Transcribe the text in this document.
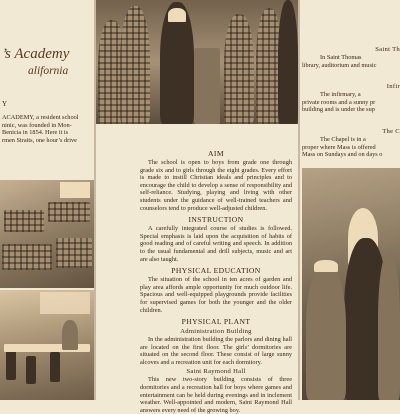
’s Academy
alifornia
Y

ACADEMY, a resident school

ninic, was founded in Mon-

Benicia in 1854. Here it is

rmen Straits, one hour’s drive

AIM

The school is open to boys from grade one through grade six and to girls through the eight grades. Every effort is made to instill Christian ideals and principles and to encourage the child to develop a sense of responsibility and self-reliance. Studying, playing and living with other students under the guidance of well-trained teachers and counselors tend to produce well-adjusted children.

INSTRUCTION

A carefully integrated course of studies is followed. Special emphasis is laid upon the acquisition of habits of good reading and of careful writing and speech. In addition to the usual fundamental and drill subjects, music and art are also taught.

PHYSICAL EDUCATION

The situation of the school in ten acres of garden and play area affords ample opportunity for much outdoor life. Spacious and well-equipped playgrounds provide facilities for supervised games for both the younger and the older children.

PHYSICAL PLANT
Administration Building

In the administration building the parlors and dining hall are located on the first floor. The girls’ dormitories are situated on the second floor. These consist of large sunny alcoves and a recreation unit for each dormitory.

Saint Raymond Hall

This new two-story building consists of three dormitories and a recreation hall for boys where games and entertainment can be held during evenings and in inclement weather. Well-appointed and modern, Saint Raymond Hall answers every need of the growing boy.

Saint Th

In Saint Thomas

library, auditorium and music

Infir

The infirmary, a

private rooms and a sunny pr

building and is under the sup

The C

The Chapel is in a

proper where Mass is offered

Mass on Sundays and on days o
